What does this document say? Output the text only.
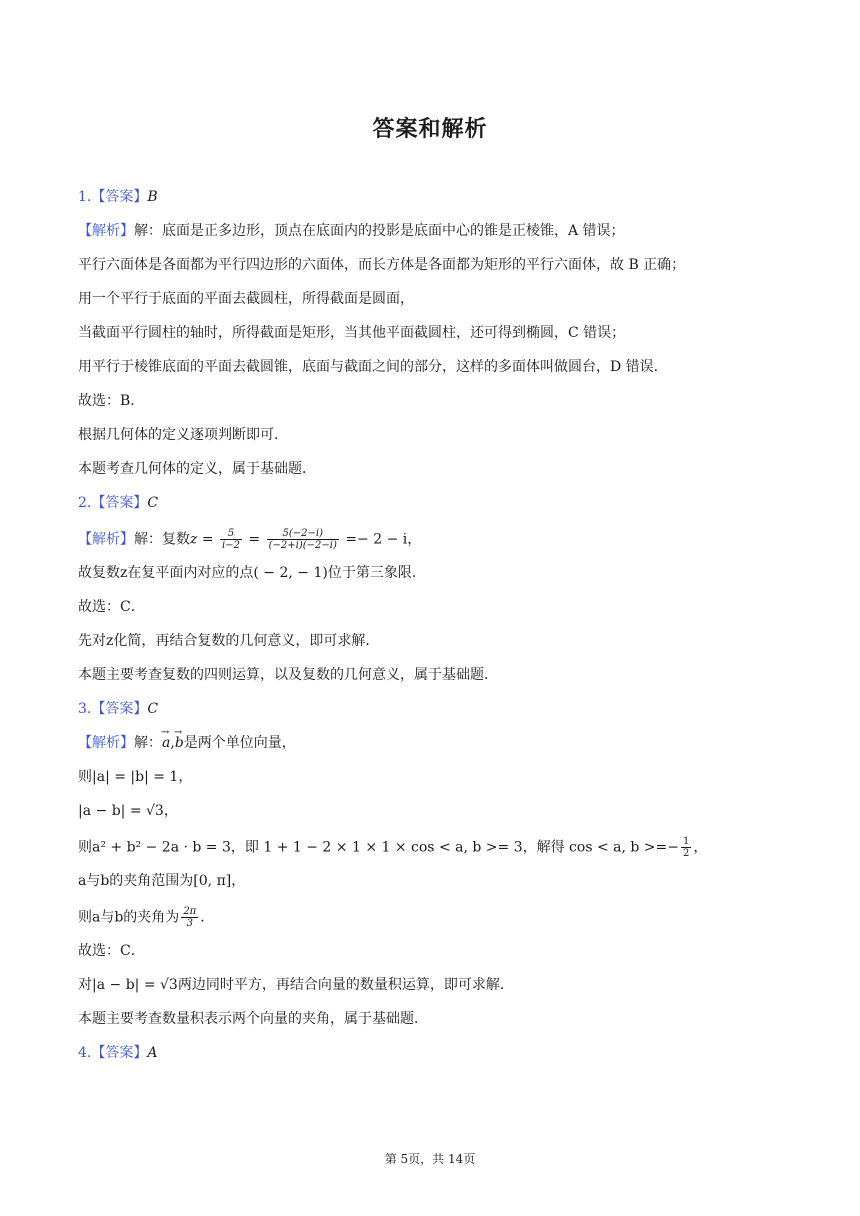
答案和解析
1.【答案】B
【解析】解：底面是正多边形，顶点在底面内的投影是底面中心的锥是正棱锥，A 错误；
平行六面体是各面都为平行四边形的六面体，而长方体是各面都为矩形的平行六面体，故 B 正确；
用一个平行于底面的平面去截圆柱，所得截面是圆面，
当截面平行圆柱的轴时，所得截面是矩形，当其他平面截圆柱，还可得到椭圆，C 错误；
用平行于棱锥底面的平面去截圆锥，底面与截面之间的部分，这样的多面体叫做圆台，D 错误．
故选：B．
根据几何体的定义逐项判断即可．
本题考查几何体的定义，属于基础题．
2.【答案】C
【解析】解：复数$z = \frac{5}{i-2} = \frac{5(-2-i)}{(-2+i)(-2-i)} =- 2 - i$，
故复数z在复平面内对应的点( − 2, − 1)位于第三象限．
故选：C．
先对z化简，再结合复数的几何意义，即可求解．
本题主要考查复数的四则运算，以及复数的几何意义，属于基础题．
3.【答案】C
【解析】解：→ a,→ b是两个单位向量，
则|a| = |b| = 1，
|a − b| = √3，
则a² + b² − 2a · b = 3，即 1 + 1 − 2 × 1 × 1 × cos < a, b >= 3，解得 cos < a, b >=− $\frac{1}{2}$ ，
a与b的夹角范围为[0, π]，
则a与b的夹角为 $\frac{2\pi}{3}$ ．
故选：C．
对|a − b| = √3两边同时平方，再结合向量的数量积运算，即可求解．
本题主要考查数量积表示两个向量的夹角，属于基础题．
4.【答案】A
第 5页，共 14页
